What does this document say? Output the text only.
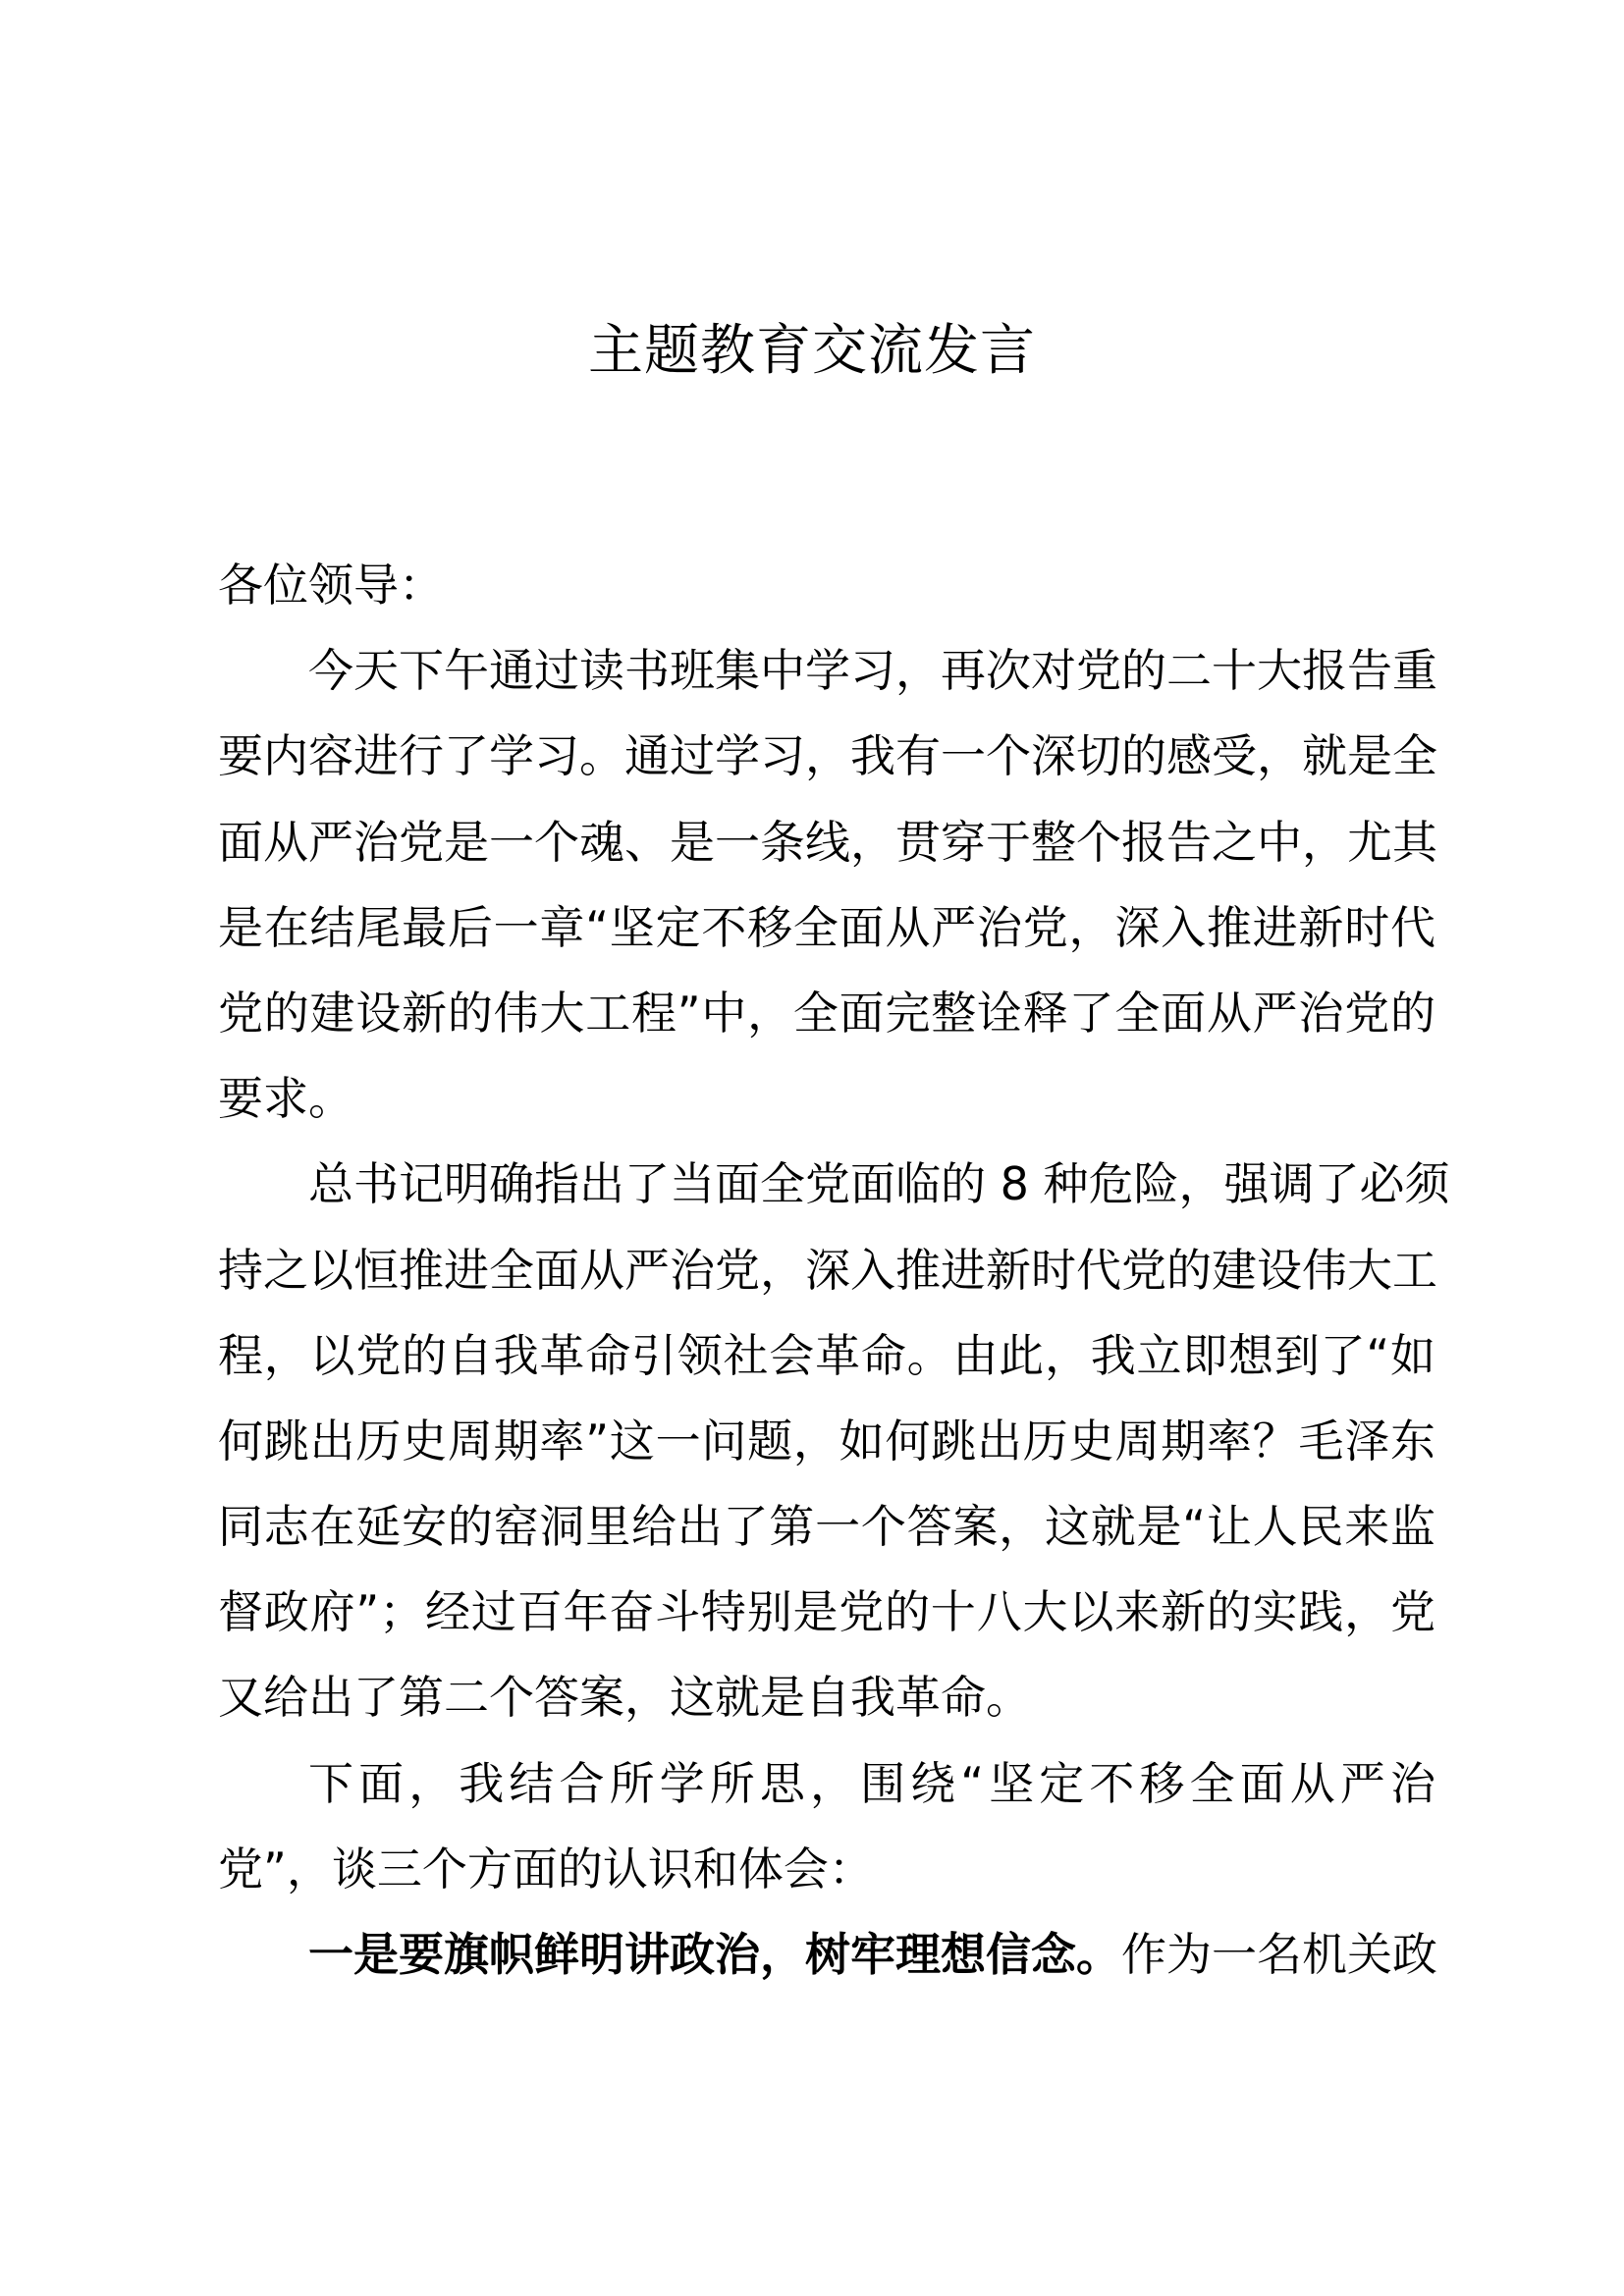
主题教育交流发言
各位领导：
今天下午通过读书班集中学习，再次对党的二十大报告重
要内容进行了学习。通过学习，我有一个深切的感受，就是全
面从严治党是一个魂、是一条线，贯穿于整个报告之中，尤其
是在结尾最后一章“坚定不移全面从严治党，深入推进新时代
党的建设新的伟大工程”中，全面完整诠释了全面从严治党的
要求。
总书记明确指出了当面全党面临的 8 种危险，强调了必须
持之以恒推进全面从严治党，深入推进新时代党的建设伟大工
程，以党的自我革命引领社会革命。由此，我立即想到了“如
何跳出历史周期率”这一问题，如何跳出历史周期率？毛泽东
同志在延安的窑洞里给出了第一个答案，这就是“让人民来监
督政府”；经过百年奋斗特别是党的十八大以来新的实践，党
又给出了第二个答案，这就是自我革命。
下面，我结合所学所思，围绕“坚定不移全面从严治
党”，谈三个方面的认识和体会：
一是要旗帜鲜明讲政治，树牢理想信念。作为一名机关政
